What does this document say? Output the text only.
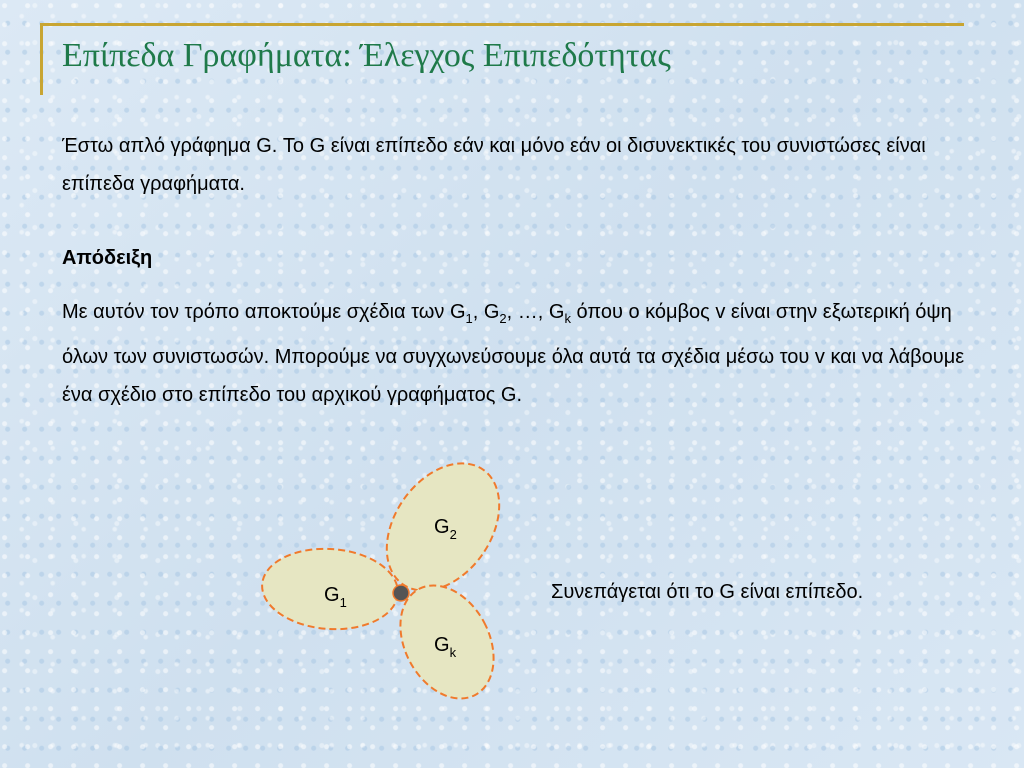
Επίπεδα Γραφήματα: Έλεγχος Επιπεδότητας
Έστω απλό γράφημα G. Το G είναι επίπεδο εάν και μόνο εάν οι δισυνεκτικές του συνιστώσες είναι επίπεδα γραφήματα.
Απόδειξη
Με αυτόν τον τρόπο αποκτούμε σχέδια των $G_1$, $G_2$, …, $G_k$ όπου ο κόμβος v είναι στην εξωτερική όψη όλων των συνιστωσών. Μπορούμε να συγχωνεύσουμε όλα αυτά τα σχέδια μέσω του v και να λάβουμε ένα σχέδιο στο επίπεδο του αρχικού γραφήματος G.
$G_1$
$G_2$
$G_k$
Συνεπάγεται ότι το G είναι επίπεδο.
